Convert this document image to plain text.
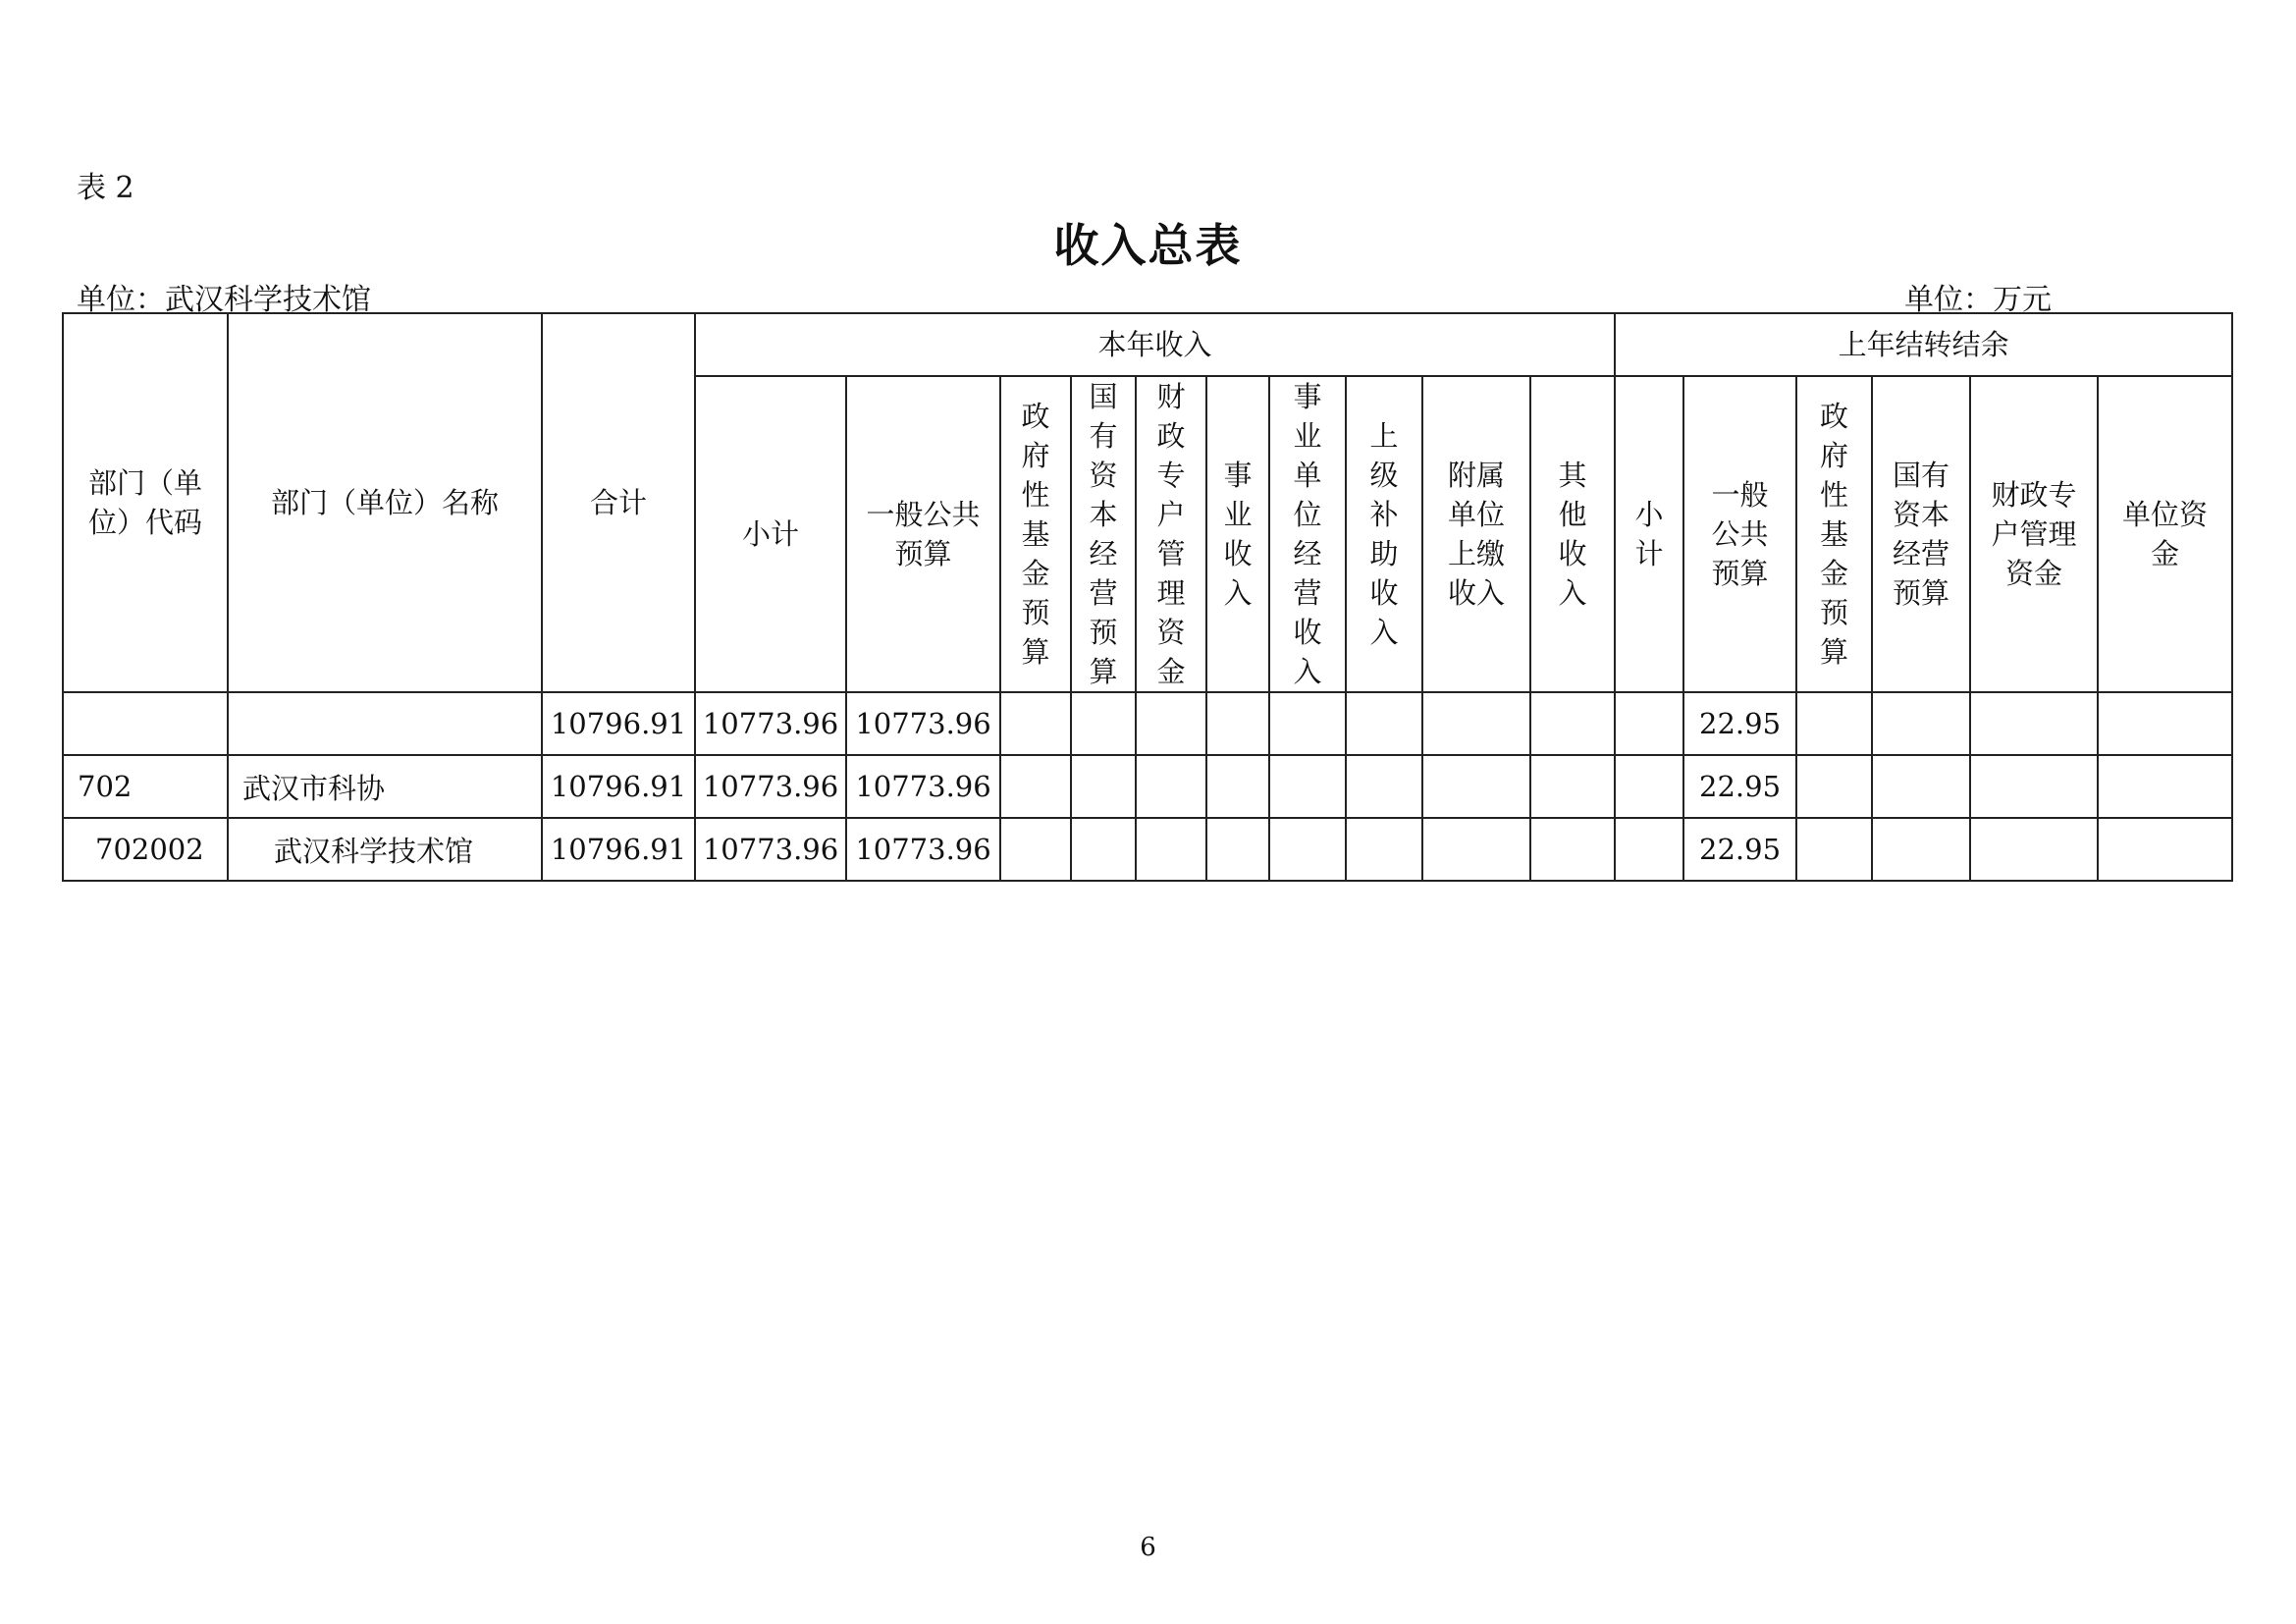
表 2
收入总表
单位：武汉科学技术馆	单位：万元
部门（单位）代码	部门（单位）名称	合计	本年收入										上年结转结余					
			小计	一般公共预算	政府性基金预算	国有资本经营预算	财政专户管理资金	事业收入	事业单位经营收入	上级补助收入	附属单位上缴收入	其他收入	小计	一般公共预算	政府性基金预算	国有资本经营预算	财政专户管理资金	单位资金
		10796.91	10773.96	10773.96										22.95				
702	武汉市科协	10796.91	10773.96	10773.96										22.95				
702002	武汉科学技术馆	10796.91	10773.96	10773.96										22.95				
6
